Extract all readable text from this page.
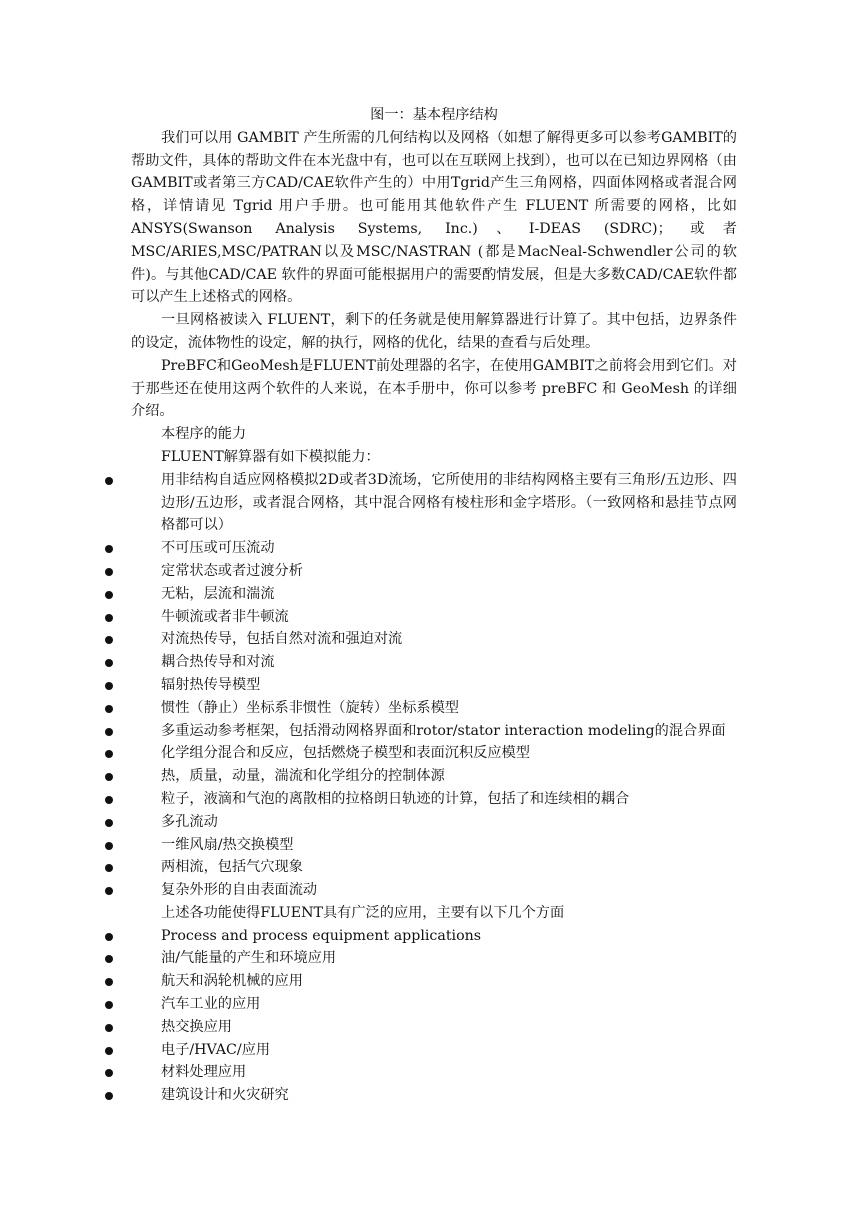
图一：基本程序结构

我们可以用 GAMBIT 产生所需的几何结构以及网格（如想了解得更多可以参考GAMBIT的帮助文件，具体的帮助文件在本光盘中有，也可以在互联网上找到），也可以在已知边界网格（由GAMBIT或者第三方CAD/CAE软件产生的）中用Tgrid产生三角网格，四面体网格或者混合网格，详情请见 Tgrid 用户手册。也可能用其他软件产生 FLUENT 所需要的网格，比如 ANSYS(Swanson Analysis Systems, Inc.)、I-DEAS (SDRC)；或者MSC/ARIES,MSC/PATRAN以及MSC/NASTRAN (都是MacNeal-Schwendler公司的软件)。与其他CAD/CAE 软件的界面可能根据用户的需要酌情发展，但是大多数CAD/CAE软件都可以产生上述格式的网格。

一旦网格被读入 FLUENT，剩下的任务就是使用解算器进行计算了。其中包括，边界条件的设定，流体物性的设定，解的执行，网格的优化，结果的查看与后处理。

PreBFC和GeoMesh是FLUENT前处理器的名字，在使用GAMBIT之前将会用到它们。对于那些还在使用这两个软件的人来说，在本手册中，你可以参考 preBFC 和 GeoMesh 的详细介绍。

本程序的能力

FLUENT解算器有如下模拟能力：

用非结构自适应网格模拟2D或者3D流场，它所使用的非结构网格主要有三角形/五边形、四边形/五边形，或者混合网格，其中混合网格有棱柱形和金字塔形。（一致网格和悬挂节点网格都可以）
不可压或可压流动
定常状态或者过渡分析
无粘，层流和湍流
牛顿流或者非牛顿流
对流热传导，包括自然对流和强迫对流
耦合热传导和对流
辐射热传导模型
惯性（静止）坐标系非惯性（旋转）坐标系模型
多重运动参考框架，包括滑动网格界面和rotor/stator interaction modeling的混合界面
化学组分混合和反应，包括燃烧子模型和表面沉积反应模型
热，质量，动量，湍流和化学组分的控制体源
粒子，液滴和气泡的离散相的拉格朗日轨迹的计算，包括了和连续相的耦合
多孔流动
一维风扇/热交换模型
两相流，包括气穴现象
复杂外形的自由表面流动

上述各功能使得FLUENT具有广泛的应用，主要有以下几个方面

Process and process equipment applications
油/气能量的产生和环境应用
航天和涡轮机械的应用
汽车工业的应用
热交换应用
电子/HVAC/应用
材料处理应用
建筑设计和火灾研究
